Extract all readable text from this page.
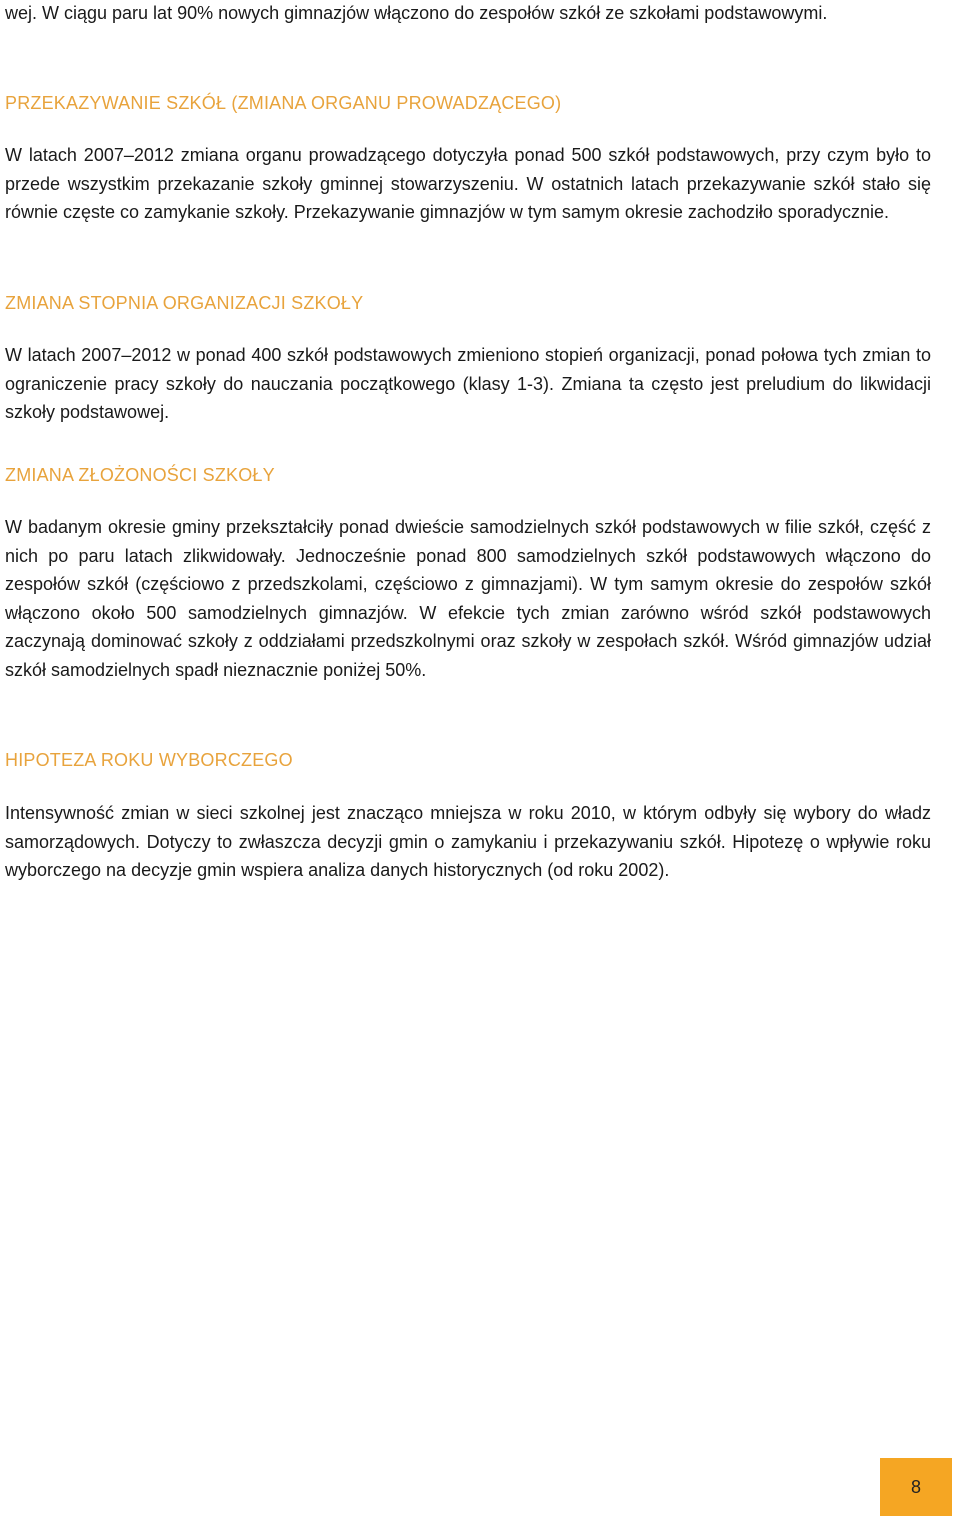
wej. W ciągu paru lat 90% nowych gimnazjów włączono do zespołów szkół ze szkołami podstawowymi.

PRZEKAZYWANIE SZKÓŁ (ZMIANA ORGANU PROWADZĄCEGO)

W latach 2007–2012 zmiana organu prowadzącego dotyczyła ponad 500 szkół podstawowych, przy czym było to przede wszystkim przekazanie szkoły gminnej stowarzyszeniu. W ostatnich latach przekazywanie szkół stało się równie częste co zamykanie szkoły. Przekazywanie gimnazjów w tym samym okresie zachodziło sporadycznie.

ZMIANA STOPNIA ORGANIZACJI SZKOŁY

W latach 2007–2012 w ponad 400 szkół podstawowych zmieniono stopień organizacji, ponad połowa tych zmian to ograniczenie pracy szkoły do nauczania początkowego (klasy 1-3). Zmiana ta często jest preludium do likwidacji szkoły podstawowej.

ZMIANA ZŁOŻONOŚCI SZKOŁY

W badanym okresie gminy przekształciły ponad dwieście samodzielnych szkół podstawowych w filie szkół, część z nich po paru latach zlikwidowały. Jednocześnie ponad 800 samodzielnych szkół podstawowych włączono do zespołów szkół (częściowo z przedszkolami, częściowo z gimnazjami). W tym samym okresie do zespołów szkół włączono około 500 samodzielnych gimnazjów. W efekcie tych zmian zarówno wśród szkół podstawowych zaczynają dominować szkoły z oddziałami przedszkolnymi oraz szkoły w zespołach szkół. Wśród gimnazjów udział szkół samodzielnych spadł nieznacznie poniżej 50%.

HIPOTEZA ROKU WYBORCZEGO

Intensywność zmian w sieci szkolnej jest znacząco mniejsza w roku 2010, w którym odbyły się wybory do władz samorządowych. Dotyczy to zwłaszcza decyzji gmin o zamykaniu i przekazywaniu szkół. Hipotezę o wpływie roku wyborczego na decyzje gmin wspiera analiza danych historycznych (od roku 2002).

8
